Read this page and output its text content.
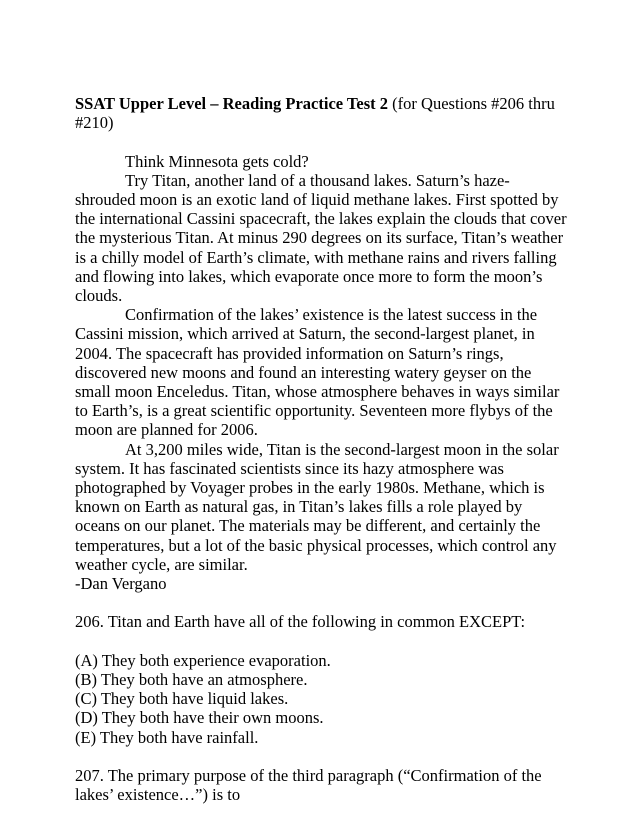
SSAT Upper Level – Reading Practice Test 2 (for Questions #206 thru #210)

Think Minnesota gets cold?

Try Titan, another land of a thousand lakes. Saturn’s haze-shrouded moon is an exotic land of liquid methane lakes. First spotted by the international Cassini spacecraft, the lakes explain the clouds that cover the mysterious Titan. At minus 290 degrees on its surface, Titan’s weather is a chilly model of Earth’s climate, with methane rains and rivers falling and flowing into lakes, which evaporate once more to form the moon’s clouds.

Confirmation of the lakes’ existence is the latest success in the Cassini mission, which arrived at Saturn, the second-largest planet, in 2004. The spacecraft has provided information on Saturn’s rings, discovered new moons and found an interesting watery geyser on the small moon Enceledus. Titan, whose atmosphere behaves in ways similar to Earth’s, is a great scientific opportunity. Seventeen more flybys of the moon are planned for 2006.

At 3,200 miles wide, Titan is the second-largest moon in the solar system. It has fascinated scientists since its hazy atmosphere was photographed by Voyager probes in the early 1980s. Methane, which is known on Earth as natural gas, in Titan’s lakes fills a role played by oceans on our planet. The materials may be different, and certainly the temperatures, but a lot of the basic physical processes, which control any weather cycle, are similar.

-Dan Vergano

206. Titan and Earth have all of the following in common EXCEPT:

(A) They both experience evaporation.

(B) They both have an atmosphere.

(C) They both have liquid lakes.

(D) They both have their own moons.

(E) They both have rainfall.

207. The primary purpose of the third paragraph (“Confirmation of the lakes’ existence…”) is to
